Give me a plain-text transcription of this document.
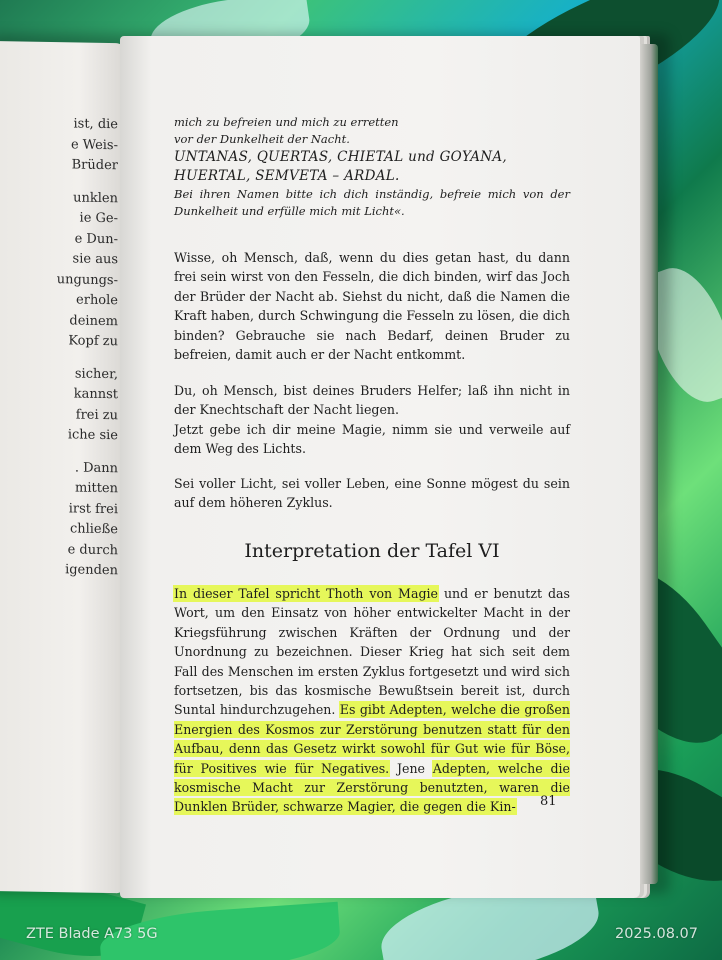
ist, die
e Weis-
Brüder
unklen
ie Ge-
e Dun-
sie aus
ungungs-
erhole
deinem
Kopf zu
sicher,
kannst
frei zu
iche sie
. Dann
mitten
irst frei
chließe
e durch
igenden
mich zu befreien und mich zu erretten
vor der Dunkelheit der Nacht.
UNTANAS, QUERTAS, CHIETAL und GOYANA,
HUERTAL, SEMVETA – ARDAL.
Bei ihren Namen bitte ich dich inständig, befreie mich von der Dunkelheit und erfülle mich mit Licht«.

Wisse, oh Mensch, daß, wenn du dies getan hast, du dann frei sein wirst von den Fesseln, die dich binden, wirf das Joch der Brüder der Nacht ab. Siehst du nicht, daß die Namen die Kraft haben, durch Schwingung die Fesseln zu lösen, die dich binden? Gebrauche sie nach Bedarf, deinen Bruder zu befreien, damit auch er der Nacht entkommt.

Du, oh Mensch, bist deines Bruders Helfer; laß ihn nicht in der Knechtschaft der Nacht liegen.

Jetzt gebe ich dir meine Magie, nimm sie und verweile auf dem Weg des Lichts.

Sei voller Licht, sei voller Leben, eine Sonne mögest du sein auf dem höheren Zyklus.

Interpretation der Tafel VI

In dieser Tafel spricht Thoth von Magie und er benutzt das Wort, um den Einsatz von höher entwickelter Macht in der Kriegsführung zwischen Kräften der Ordnung und der Unordnung zu bezeichnen. Dieser Krieg hat sich seit dem Fall des Menschen im ersten Zyklus fortgesetzt und wird sich fortsetzen, bis das kosmische Bewußtsein bereit ist, durch Suntal hindurchzugehen. Es gibt Adepten, welche die großen Energien des Kosmos zur Zerstörung benutzen statt für den Aufbau, denn das Gesetz wirkt sowohl für Gut wie für Böse, für Positives wie für Negatives. Jene Adepten, welche die kosmische Macht zur Zerstörung benutzten, waren die Dunklen Brüder, schwarze Magier, die gegen die Kin-	81
ZTE Blade A73 5G	2025.08.07
